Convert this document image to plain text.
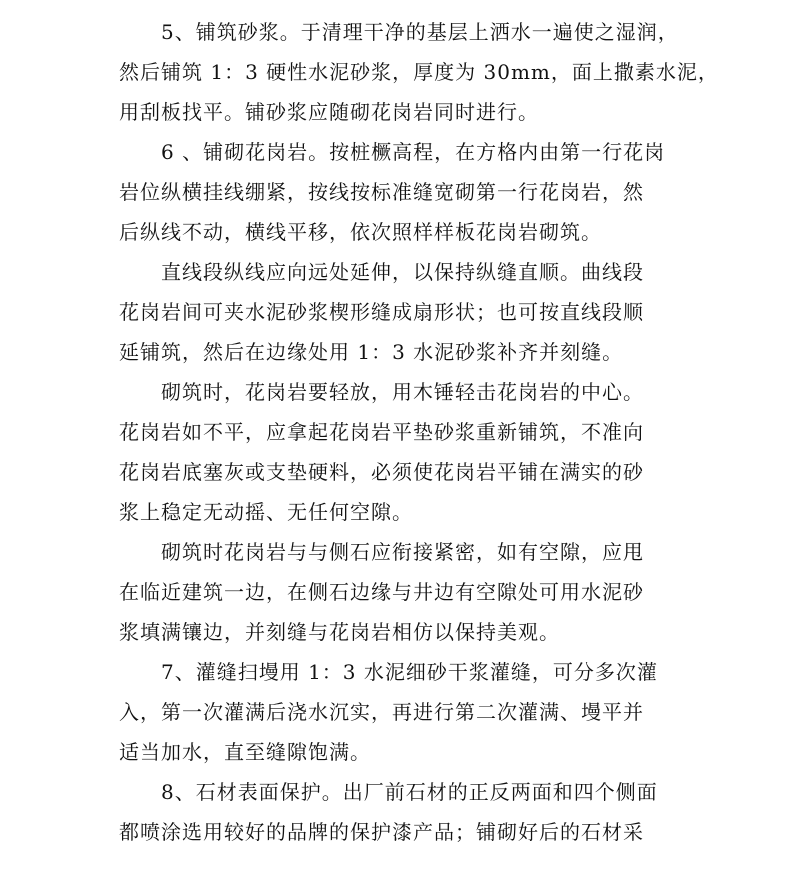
5、铺筑砂浆。于清理干净的基层上洒水一遍使之湿润，
然后铺筑 1：3 硬性水泥砂浆，厚度为 30mm，面上撒素水泥，
用刮板找平。铺砂浆应随砌花岗岩同时进行。
6 、铺砌花岗岩。按桩橛高程，在方格内由第一行花岗
岩位纵横挂线绷紧，按线按标准缝宽砌第一行花岗岩，然
后纵线不动，横线平移，依次照样样板花岗岩砌筑。
直线段纵线应向远处延伸，以保持纵缝直顺。曲线段
花岗岩间可夹水泥砂浆楔形缝成扇形状；也可按直线段顺
延铺筑，然后在边缘处用 1：3 水泥砂浆补齐并刻缝。
砌筑时，花岗岩要轻放，用木锤轻击花岗岩的中心。
花岗岩如不平，应拿起花岗岩平垫砂浆重新铺筑，不准向
花岗岩底塞灰或支垫硬料，必须使花岗岩平铺在满实的砂
浆上稳定无动摇、无任何空隙。
砌筑时花岗岩与与侧石应衔接紧密，如有空隙，应甩
在临近建筑一边，在侧石边缘与井边有空隙处可用水泥砂
浆填满镶边，并刻缝与花岗岩相仿以保持美观。
7、灌缝扫墁用 1：3 水泥细砂干浆灌缝，可分多次灌
入，第一次灌满后浇水沉实，再进行第二次灌满、墁平并
适当加水，直至缝隙饱满。
8、石材表面保护。出厂前石材的正反两面和四个侧面
都喷涂选用较好的品牌的保护漆产品；铺砌好后的石材采
